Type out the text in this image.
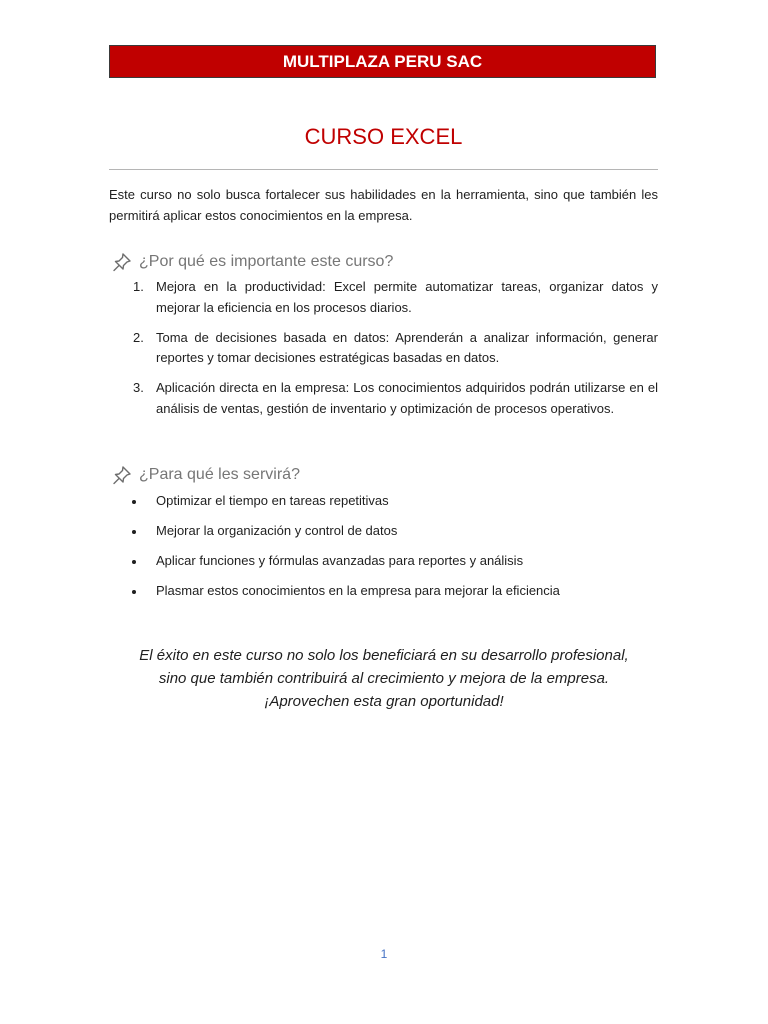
MULTIPLAZA PERU SAC
CURSO EXCEL
Este curso no solo busca fortalecer sus habilidades en la herramienta, sino que también les permitirá aplicar estos conocimientos en la empresa.
¿Por qué es importante este curso?
1. Mejora en la productividad: Excel permite automatizar tareas, organizar datos y mejorar la eficiencia en los procesos diarios.
2. Toma de decisiones basada en datos: Aprenderán a analizar información, generar reportes y tomar decisiones estratégicas basadas en datos.
3. Aplicación directa en la empresa: Los conocimientos adquiridos podrán utilizarse en el análisis de ventas, gestión de inventario y optimización de procesos operativos.
¿Para qué les servirá?
Optimizar el tiempo en tareas repetitivas
Mejorar la organización y control de datos
Aplicar funciones y fórmulas avanzadas para reportes y análisis
Plasmar estos conocimientos en la empresa para mejorar la eficiencia
El éxito en este curso no solo los beneficiará en su desarrollo profesional,
sino que también contribuirá al crecimiento y mejora de la empresa.
¡Aprovechen esta gran oportunidad!
1
